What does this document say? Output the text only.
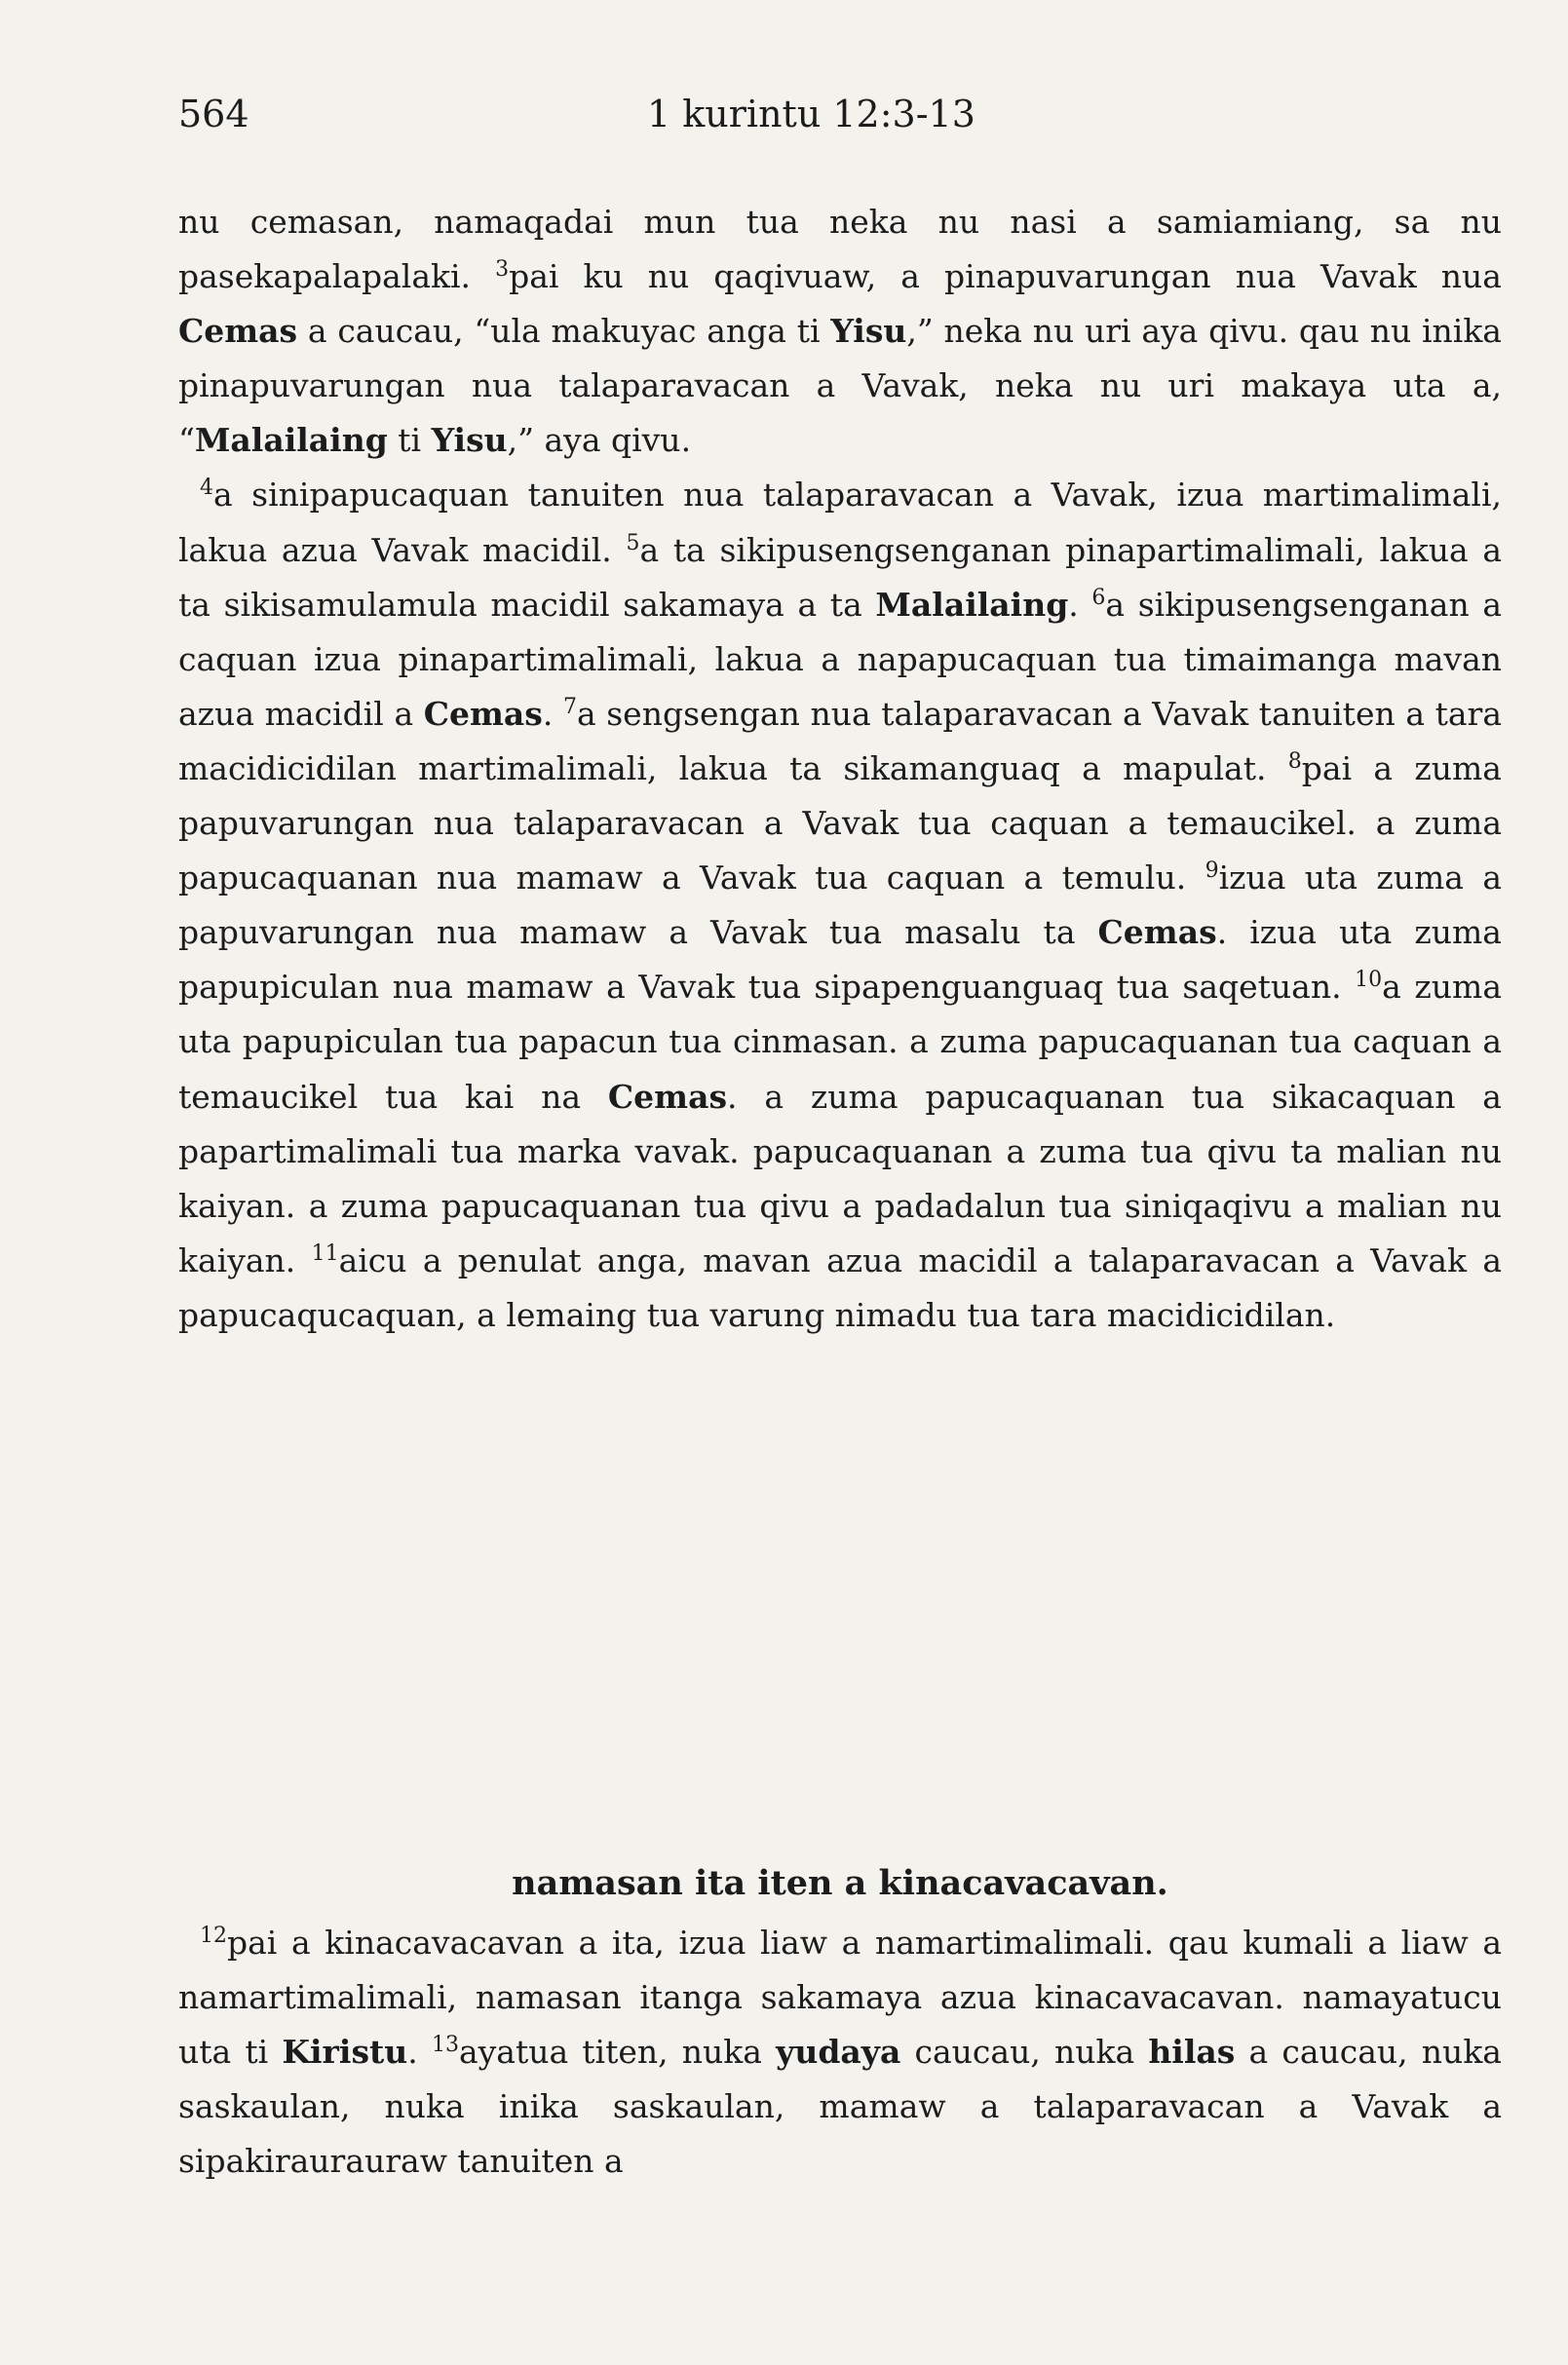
564	1 kurintu 12:3-13

nu cemasan, namaqadai mun tua neka nu nasi a samiamiang, sa nu pasekapalapalaki. $^3$pai ku nu qaqivuaw, a pinapuvarungan nua Vavak nua Cemas a caucau, “ula makuyac anga ti Yisu,” neka nu uri aya qivu. qau nu inika pinapuvarungan nua talaparavacan a Vavak, neka nu uri makaya uta a, “Malailaing ti Yisu,” aya qivu.

$^4$a sinipapucaquan tanuiten nua talaparavacan a Vavak, izua martimalimali, lakua azua Vavak macidil. $^5$a ta sikipusengsenganan pinapartimalimali, lakua a ta sikisamulamula macidil sakamaya a ta Malailaing. $^6$a sikipusengsenganan a caquan izua pinapartimalimali, lakua a napapucaquan tua timaimanga mavan azua macidil a Cemas. $^7$a sengsengan nua talaparavacan a Vavak tanuiten a tara macidicidilan martimalimali, lakua ta sikamanguaq a mapulat. $^8$pai a zuma papuvarungan nua talaparavacan a Vavak tua caquan a temaucikel. a zuma papucaquanan nua mamaw a Vavak tua caquan a temulu. $^9$izua uta zuma a papuvarungan nua mamaw a Vavak tua masalu ta Cemas. izua uta zuma papupiculan nua mamaw a Vavak tua sipapenguanguaq tua saqetuan. $^{10}$a zuma uta papupiculan tua papacun tua cinmasan. a zuma papucaquanan tua caquan a temaucikel tua kai na Cemas. a zuma papucaquanan tua sikacaquan a papartimalimali tua marka vavak. papucaquanan a zuma tua qivu ta malian nu kaiyan. a zuma papucaquanan tua qivu a padadalun tua siniqaqivu a malian nu kaiyan. $^{11}$aicu a penulat anga, mavan azua macidil a talaparavacan a Vavak a papucaqucaquan, a lemaing tua varung nimadu tua tara macidicidilan.

namasan ita iten a kinacavacavan.

$^{12}$pai a kinacavacavan a ita, izua liaw a namartimalimali. qau kumali a liaw a namartimalimali, namasan itanga sakamaya azua kinacavacavan. namayatucu uta ti Kiristu. $^{13}$ayatua titen, nuka yudaya caucau, nuka hilas a caucau, nuka saskaulan, nuka inika saskaulan, mamaw a talaparavacan a Vavak a sipakiraurauraw tanuiten a
